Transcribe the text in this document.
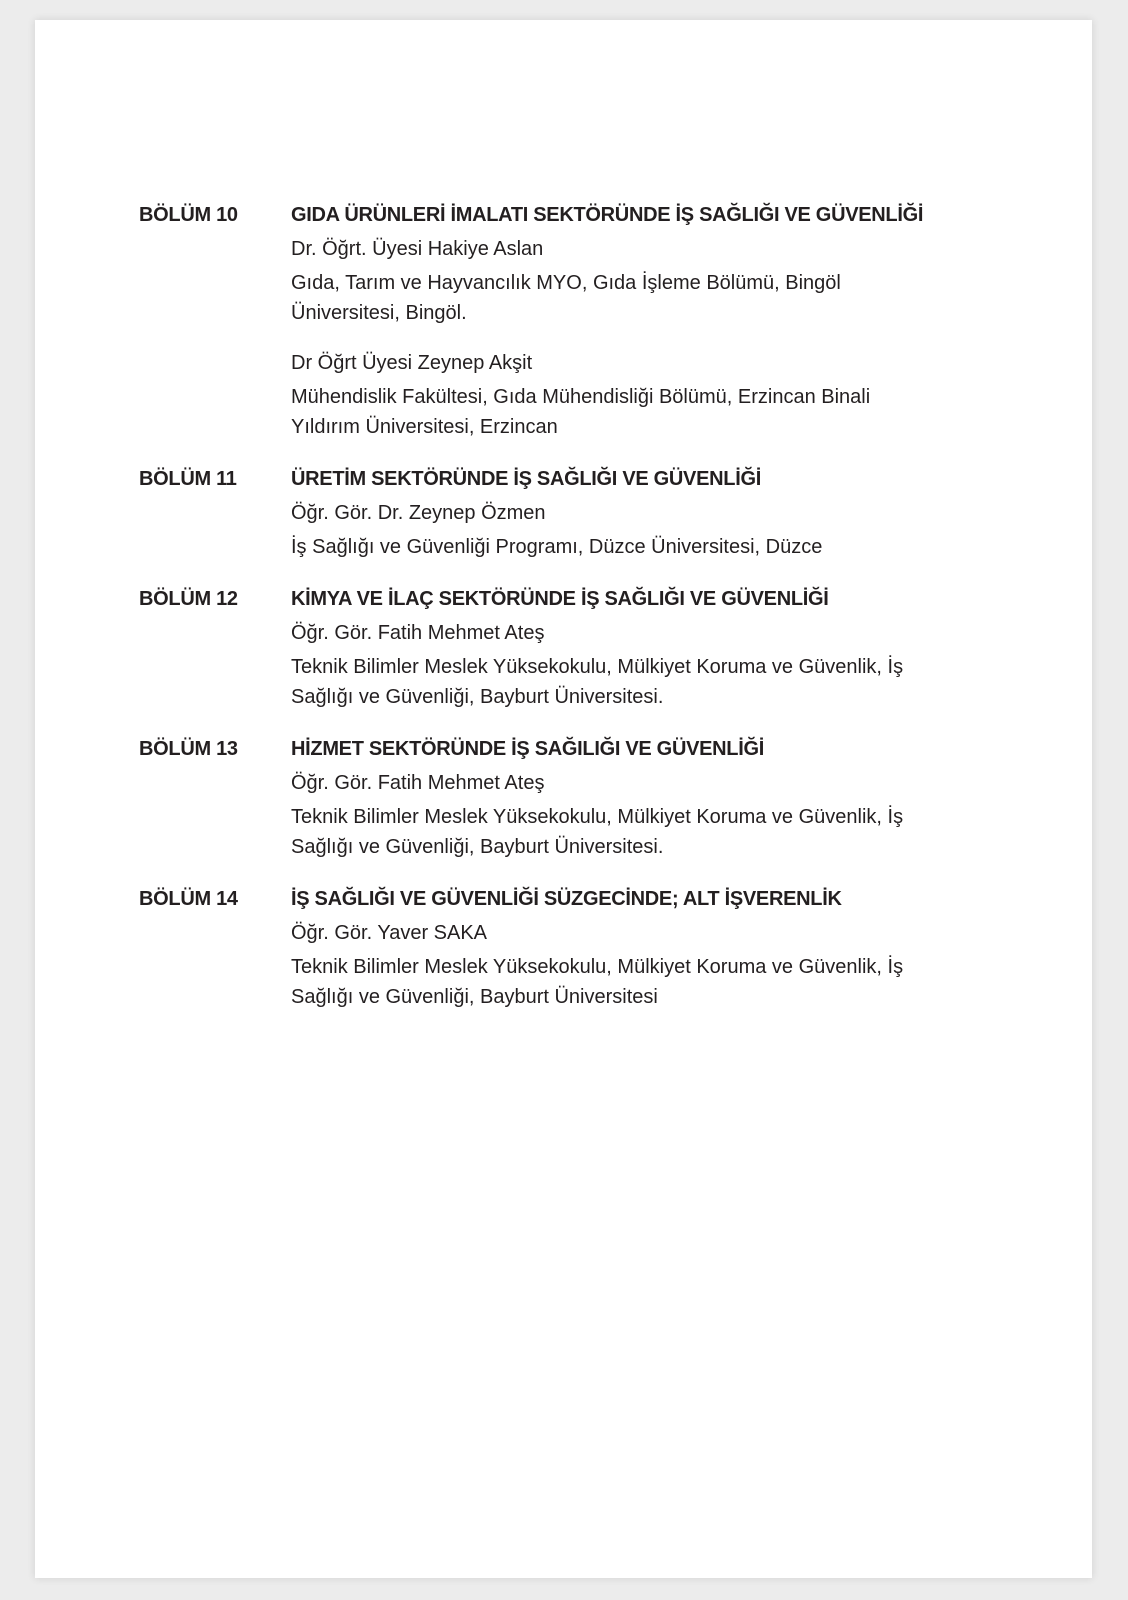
BÖLÜM 10	GIDA ÜRÜNLERİ İMALATI SEKTÖRÜNDE İŞ SAĞLIĞI VE GÜVENLİĞİ
Dr. Öğrt. Üyesi Hakiye Aslan
Gıda, Tarım ve Hayvancılık MYO, Gıda İşleme Bölümü, Bingöl
Üniversitesi, Bingöl.
Dr Öğrt Üyesi Zeynep Akşit
Mühendislik Fakültesi, Gıda Mühendisliği Bölümü, Erzincan Binali
Yıldırım Üniversitesi, Erzincan
BÖLÜM 11	ÜRETİM SEKTÖRÜNDE İŞ SAĞLIĞI VE GÜVENLİĞİ
Öğr. Gör. Dr. Zeynep Özmen
İş Sağlığı ve Güvenliği Programı, Düzce Üniversitesi, Düzce
BÖLÜM 12	KİMYA VE İLAÇ SEKTÖRÜNDE İŞ SAĞLIĞI VE GÜVENLİĞİ
Öğr. Gör. Fatih Mehmet Ateş
Teknik Bilimler Meslek Yüksekokulu, Mülkiyet Koruma ve Güvenlik, İş
Sağlığı ve Güvenliği, Bayburt Üniversitesi.
BÖLÜM 13	HİZMET SEKTÖRÜNDE İŞ SAĞILIĞI VE GÜVENLİĞİ
Öğr. Gör. Fatih Mehmet Ateş
Teknik Bilimler Meslek Yüksekokulu, Mülkiyet Koruma ve Güvenlik, İş
Sağlığı ve Güvenliği, Bayburt Üniversitesi.
BÖLÜM 14	İŞ SAĞLIĞI VE GÜVENLİĞİ SÜZGECİNDE; ALT İŞVERENLİK
Öğr. Gör. Yaver SAKA
Teknik Bilimler Meslek Yüksekokulu, Mülkiyet Koruma ve Güvenlik, İş
Sağlığı ve Güvenliği, Bayburt Üniversitesi
